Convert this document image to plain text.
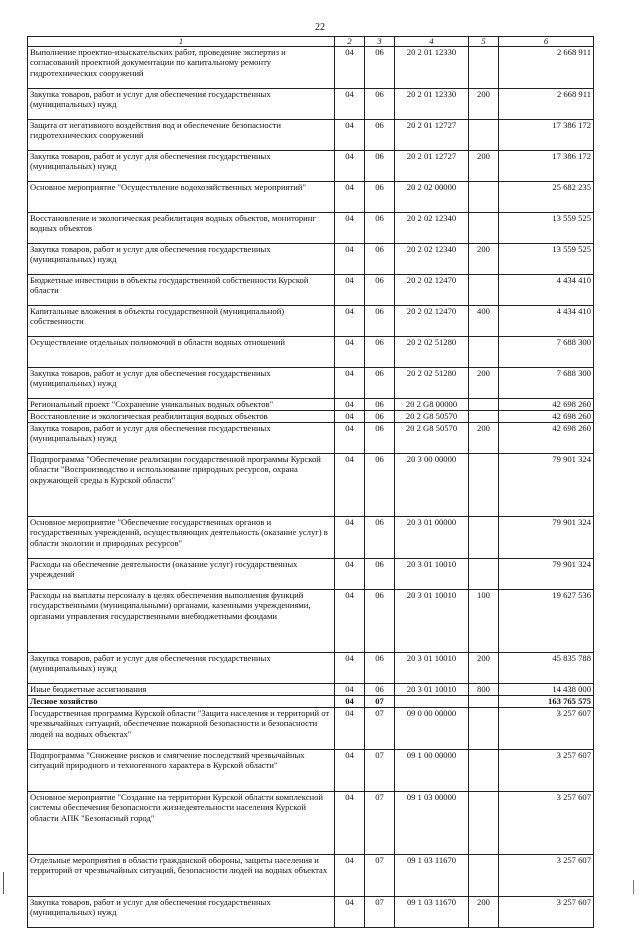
22
1	2	3	4	5	6
Выполнение проектно-изыскательских работ, проведение экспертиз и согласований проектной документации по капитальному ремонту гидротехнических сооружений	04	06	20 2 01 12330		2 668 911
Закупка товаров, работ и услуг для обеспечения государственных (муниципальных) нужд	04	06	20 2 01 12330	200	2 668 911
Защита от негативного воздействия вод и обеспечение безопасности гидротехнических сооружений	04	06	20 2 01 12727		17 386 172
Закупка товаров, работ и услуг для обеспечения государственных (муниципальных) нужд	04	06	20 2 01 12727	200	17 386 172
Основное мероприятие "Осуществление водохозяйственных мероприятий"	04	06	20 2 02 00000		25 682 235
Восстановление и экологическая реабилитация водных объектов, мониторинг водных объектов	04	06	20 2 02 12340		13 559 525
Закупка товаров, работ и услуг для обеспечения государственных (муниципальных) нужд	04	06	20 2 02 12340	200	13 559 525
Бюджетные инвестиции в объекты государственной собственности Курской области	04	06	20 2 02 12470		4 434 410
Капитальные вложения в объекты государственной (муниципальной) собственности	04	06	20 2 02 12470	400	4 434 410
Осуществление отдельных полномочий в области водных отношений	04	06	20 2 02 51280		7 688 300
Закупка товаров, работ и услуг для обеспечения государственных (муниципальных) нужд	04	06	20 2 02 51280	200	7 688 300
Региональный проект "Сохранение уникальных водных объектов"	04	06	20 2 G8 00000		42 698 260
Восстановление и экологическая реабилитация водных объектов	04	06	20 2 G8 50570		42 698 260
Закупка товаров, работ и услуг для обеспечения государственных (муниципальных) нужд	04	06	20 2 G8 50570	200	42 698 260
Подпрограмма "Обеспечение реализации государственной программы Курской области "Воспроизводство и использование природных ресурсов, охрана окружающей среды в Курской области"	04	06	20 3 00 00000		79 901 324
Основное мероприятие "Обеспечение государственных органов и государственных учреждений, осуществляющих деятельность (оказание услуг) в области экологии и природных ресурсов"	04	06	20 3 01 00000		79 901 324
Расходы на обеспечение деятельности (оказание услуг) государственных учреждений	04	06	20 3 01 10010		79 901 324
Расходы на выплаты персоналу в целях обеспечения выполнения функций государственными (муниципальными) органами, казенными учреждениями, органами управления государственными внебюджетными фондами	04	06	20 3 01 10010	100	19 627 536
Закупка товаров, работ и услуг для обеспечения государственных (муниципальных) нужд	04	06	20 3 01 10010	200	45 835 788
Иные бюджетные ассигнования	04	06	20 3 01 10010	800	14 438 000
Лесное хозяйство	04	07			163 765 575
Государственная программа Курской области "Защита населения и территорий от чрезвычайных ситуаций, обеспечение пожарной безопасности и безопасности людей на водных объектах"	04	07	09 0 00 00000		3 257 607
Подпрограмма "Снижение рисков и смягчение последствий чрезвычайных ситуаций природного и техногенного характера в Курской области"	04	07	09 1 00 00000		3 257 607
Основное мероприятие "Создание на территории Курской области комплексной системы обеспечения безопасности жизнедеятельности населения Курской области АПК "Безопасный город"	04	07	09 1 03 00000		3 257 607
Отдельные мероприятия в области гражданской обороны, защиты населения и территорий от чрезвычайных ситуаций, безопасности людей на водных объектах	04	07	09 1 03 11670		3 257 607
Закупка товаров, работ и услуг для обеспечения государственных (муниципальных) нужд	04	07	09 1 03 11670	200	3 257 607
